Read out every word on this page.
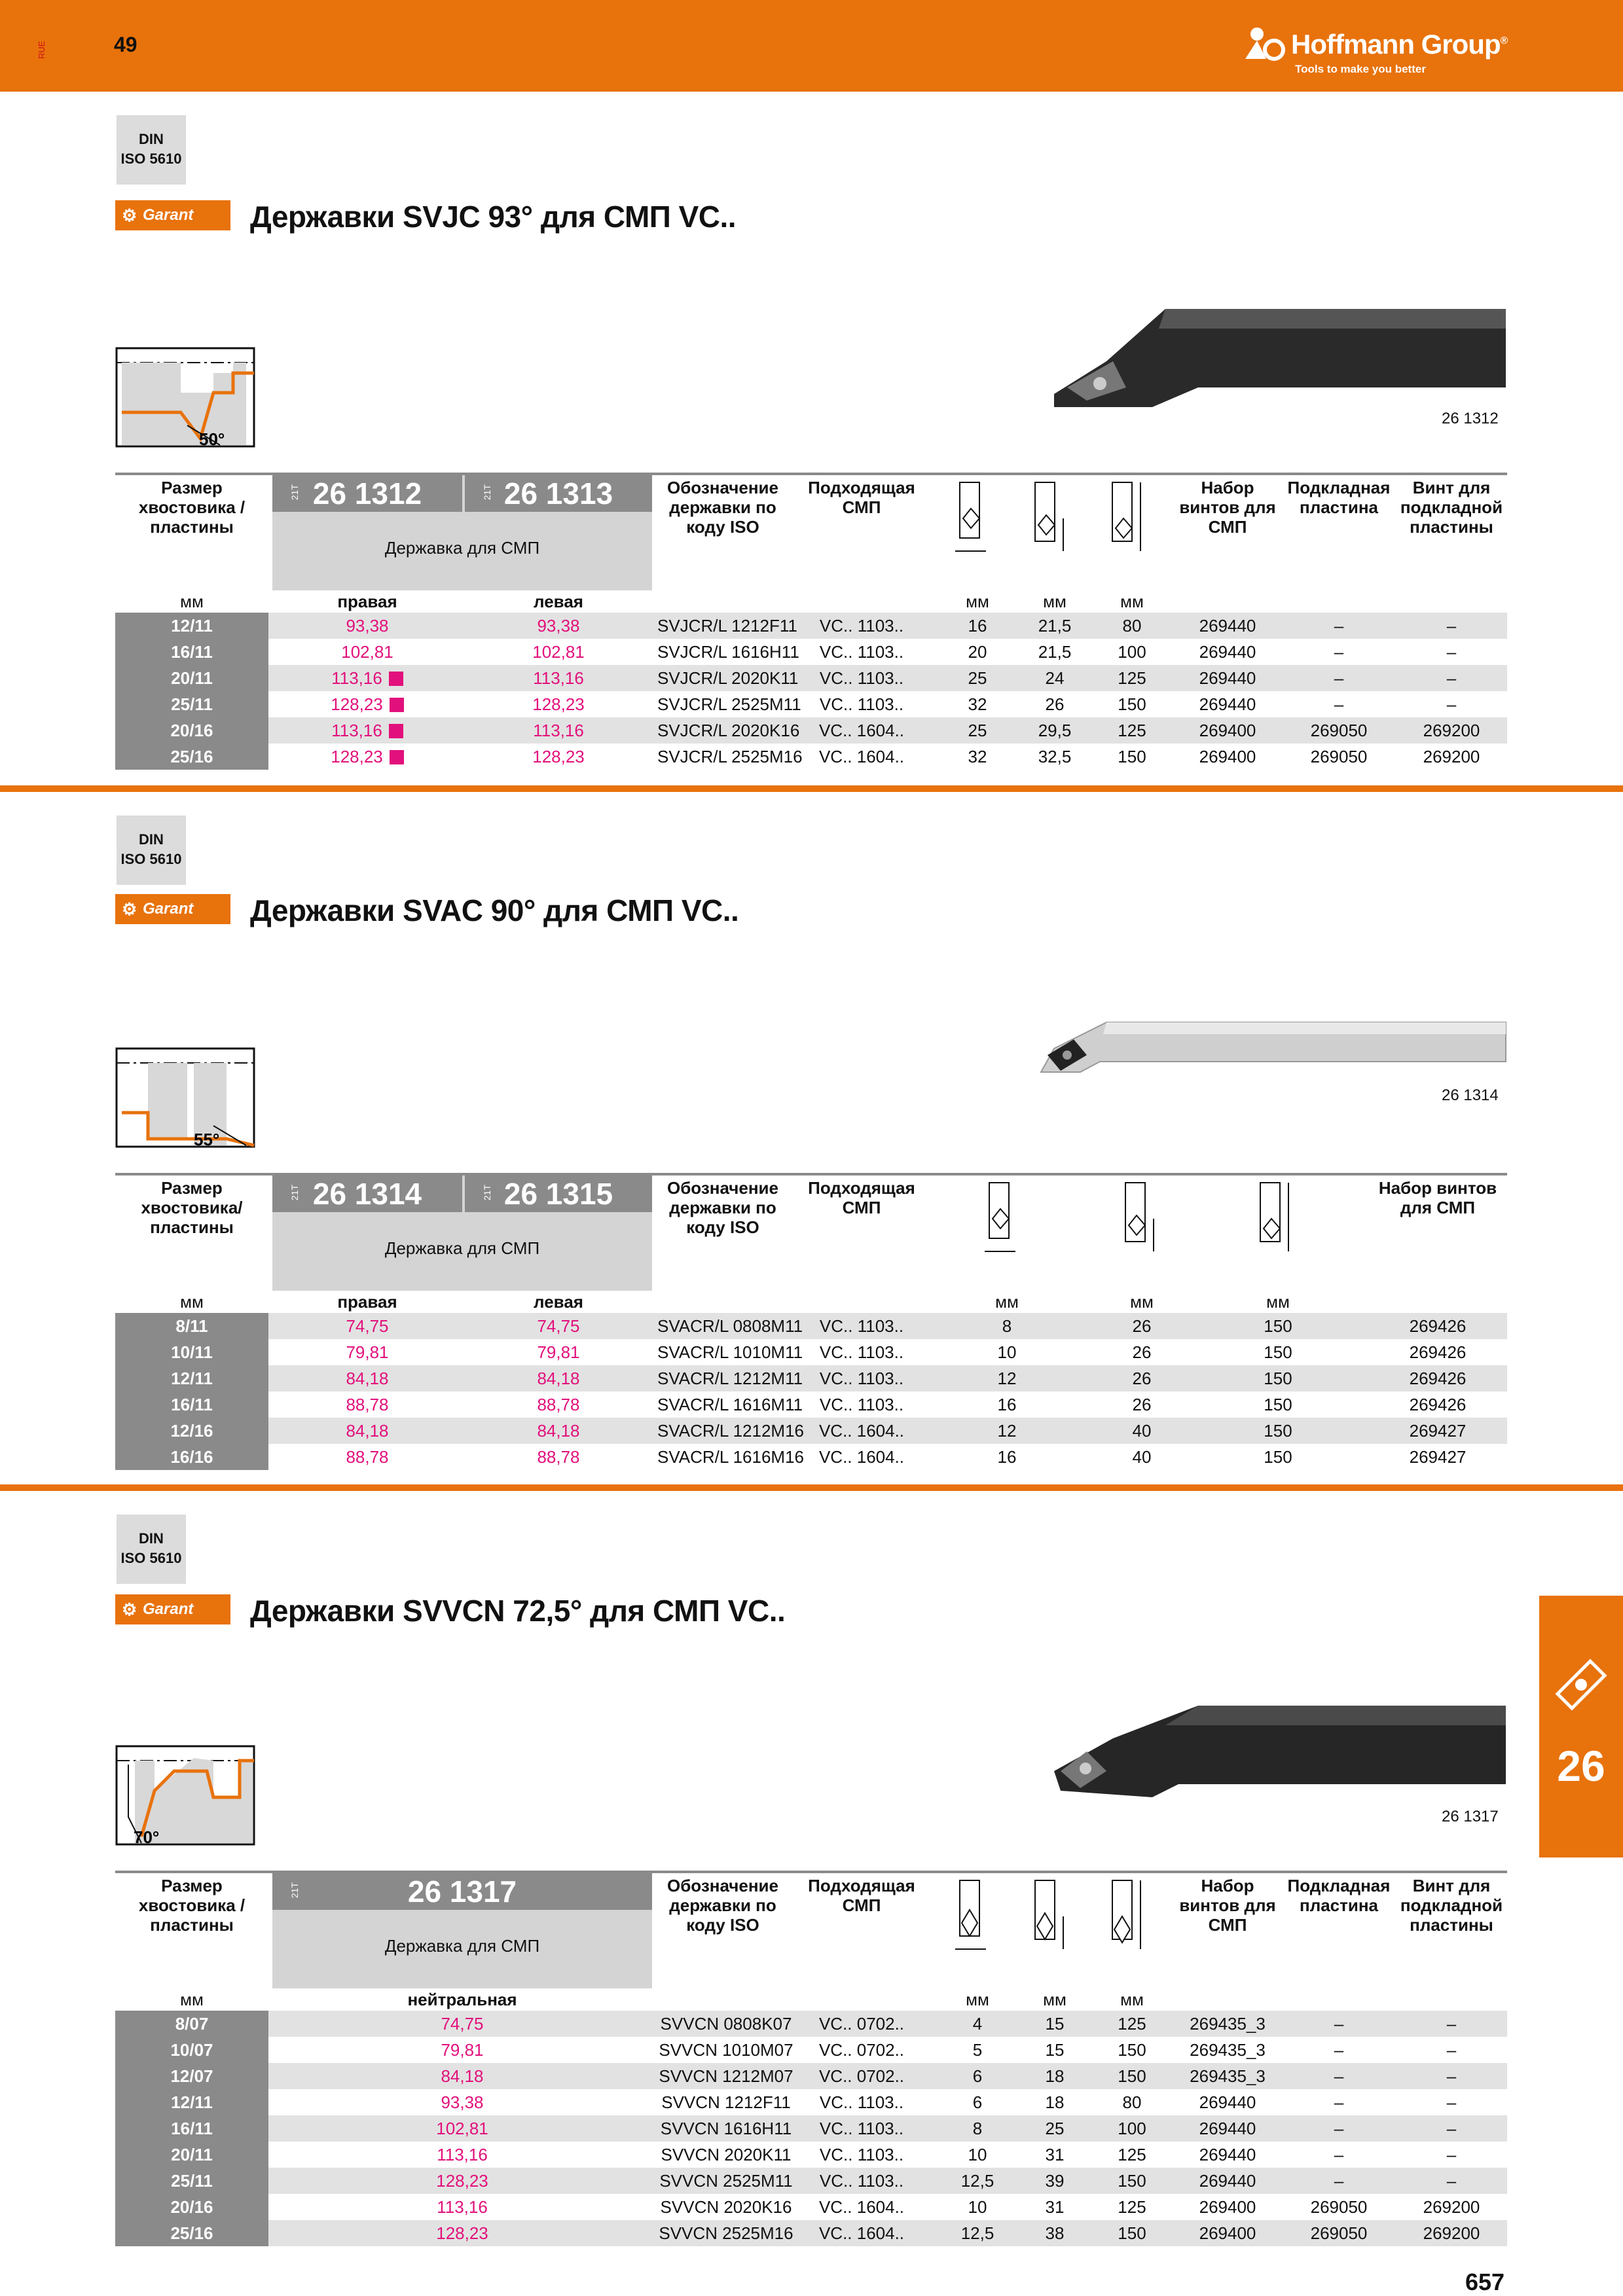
RUE	49	Hoffmann Group®
Tools to make you better
DIN
ISO 5610
⚙ Garant	Державки SVJC 93° для СМП VC..
50°
26 1312
Размер хвостовика / пластины
21T 26 1312	21T 26 1313
Державка для СМП
Обозначение державки по коду ISO
Подходящая СМП
Набор винтов для СМП
Подкладная пластина
Винт для подкладной пластины
мм	правая	левая	мм	мм	мм
12/11	93,38	93,38	SVJCR/L 1212F11	VC.. 1103..	16	21,5	80	269440	–	–
16/11	102,81	102,81	SVJCR/L 1616H11	VC.. 1103..	20	21,5	100	269440	–	–
20/11	113,16	113,16	SVJCR/L 2020K11	VC.. 1103..	25	24	125	269440	–	–
25/11	128,23	128,23	SVJCR/L 2525M11	VC.. 1103..	32	26	150	269440	–	–
20/16	113,16	113,16	SVJCR/L 2020K16	VC.. 1604..	25	29,5	125	269400	269050	269200
25/16	128,23	128,23	SVJCR/L 2525M16 VC.. 1604..	32	32,5	150	269400	269050	269200
DIN
ISO 5610
⚙ Garant	Державки SVAC 90° для СМП VC..
55°
26 1314
Размер хвостовика/ пластины
21T 26 1314	21T 26 1315
Державка для СМП
Обозначение державки по коду ISO
Подходящая СМП
Набор винтов для СМП
мм	правая	левая	мм	мм	мм
8/11	74,75	74,75	SVACR/L 0808M11 VC.. 1103..	8	26	150	269426
10/11	79,81	79,81	SVACR/L 1010M11 VC.. 1103..	10	26	150	269426
12/11	84,18	84,18	SVACR/L 1212M11 VC.. 1103..	12	26	150	269426
16/11	88,78	88,78	SVACR/L 1616M11 VC.. 1103..	16	26	150	269426
12/16	84,18	84,18	SVACR/L 1212M16 VC.. 1604..	12	40	150	269427
16/16	88,78	88,78	SVACR/L 1616M16 VC.. 1604..	16	40	150	269427
DIN
ISO 5610
⚙ Garant	Державки SVVCN 72,5° для СМП VC..
70°
26 1317
Размер хвостовика / пластины
21T	26 1317
Державка для СМП
Обозначение державки по коду ISO
Подходящая СМП
Набор винтов для СМП
Подкладная пластина
Винт для подкладной пластины
мм	нейтральная	мм	мм	мм
8/07	74,75	SVVCN 0808K07	VC.. 0702..	4	15	125	269435_3	–	–
10/07	79,81	SVVCN 1010M07	VC.. 0702..	5	15	150	269435_3	–	–
12/07	84,18	SVVCN 1212M07	VC.. 0702..	6	18	150	269435_3	–	–
12/11	93,38	SVVCN 1212F11	VC.. 1103..	6	18	80	269440	–	–
16/11	102,81	SVVCN 1616H11	VC.. 1103..	8	25	100	269440	–	–
20/11	113,16	SVVCN 2020K11	VC.. 1103..	10	31	125	269440	–	–
25/11	128,23	SVVCN 2525M11	VC.. 1103..	12,5	39	150	269440	–	–
20/16	113,16	SVVCN 2020K16	VC.. 1604..	10	31	125	269400	269050	269200
25/16	128,23	SVVCN 2525M16	VC.. 1604..	12,5	38	150	269400	269050	269200
26
657
